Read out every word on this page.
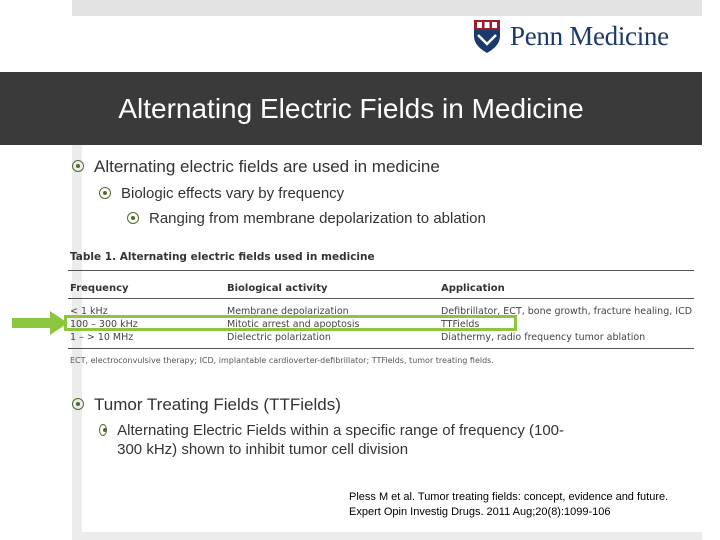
Penn Medicine
Alternating Electric Fields in Medicine
Alternating electric fields are used in medicine
Biologic effects vary by frequency
Ranging from membrane depolarization to ablation
Table 1. Alternating electric fields used in medicine
Frequency	Biological activity	Application
< 1 kHz	Membrane depolarization	Defibrillator, ECT, bone growth, fracture healing, ICD
100 – 300 kHz	Mitotic arrest and apoptosis	TTFields
1 – > 10 MHz	Dielectric polarization	Diathermy, radio frequency tumor ablation
ECT, electroconvulsive therapy; ICD, implantable cardioverter-defibrillator; TTFields, tumor treating fields.
Tumor Treating Fields (TTFields)
Alternating Electric Fields within a specific range of frequency (100-300 kHz) shown to inhibit tumor cell division
Pless M et al. Tumor treating fields: concept, evidence and future.
Expert Opin Investig Drugs. 2011 Aug;20(8):1099-106
